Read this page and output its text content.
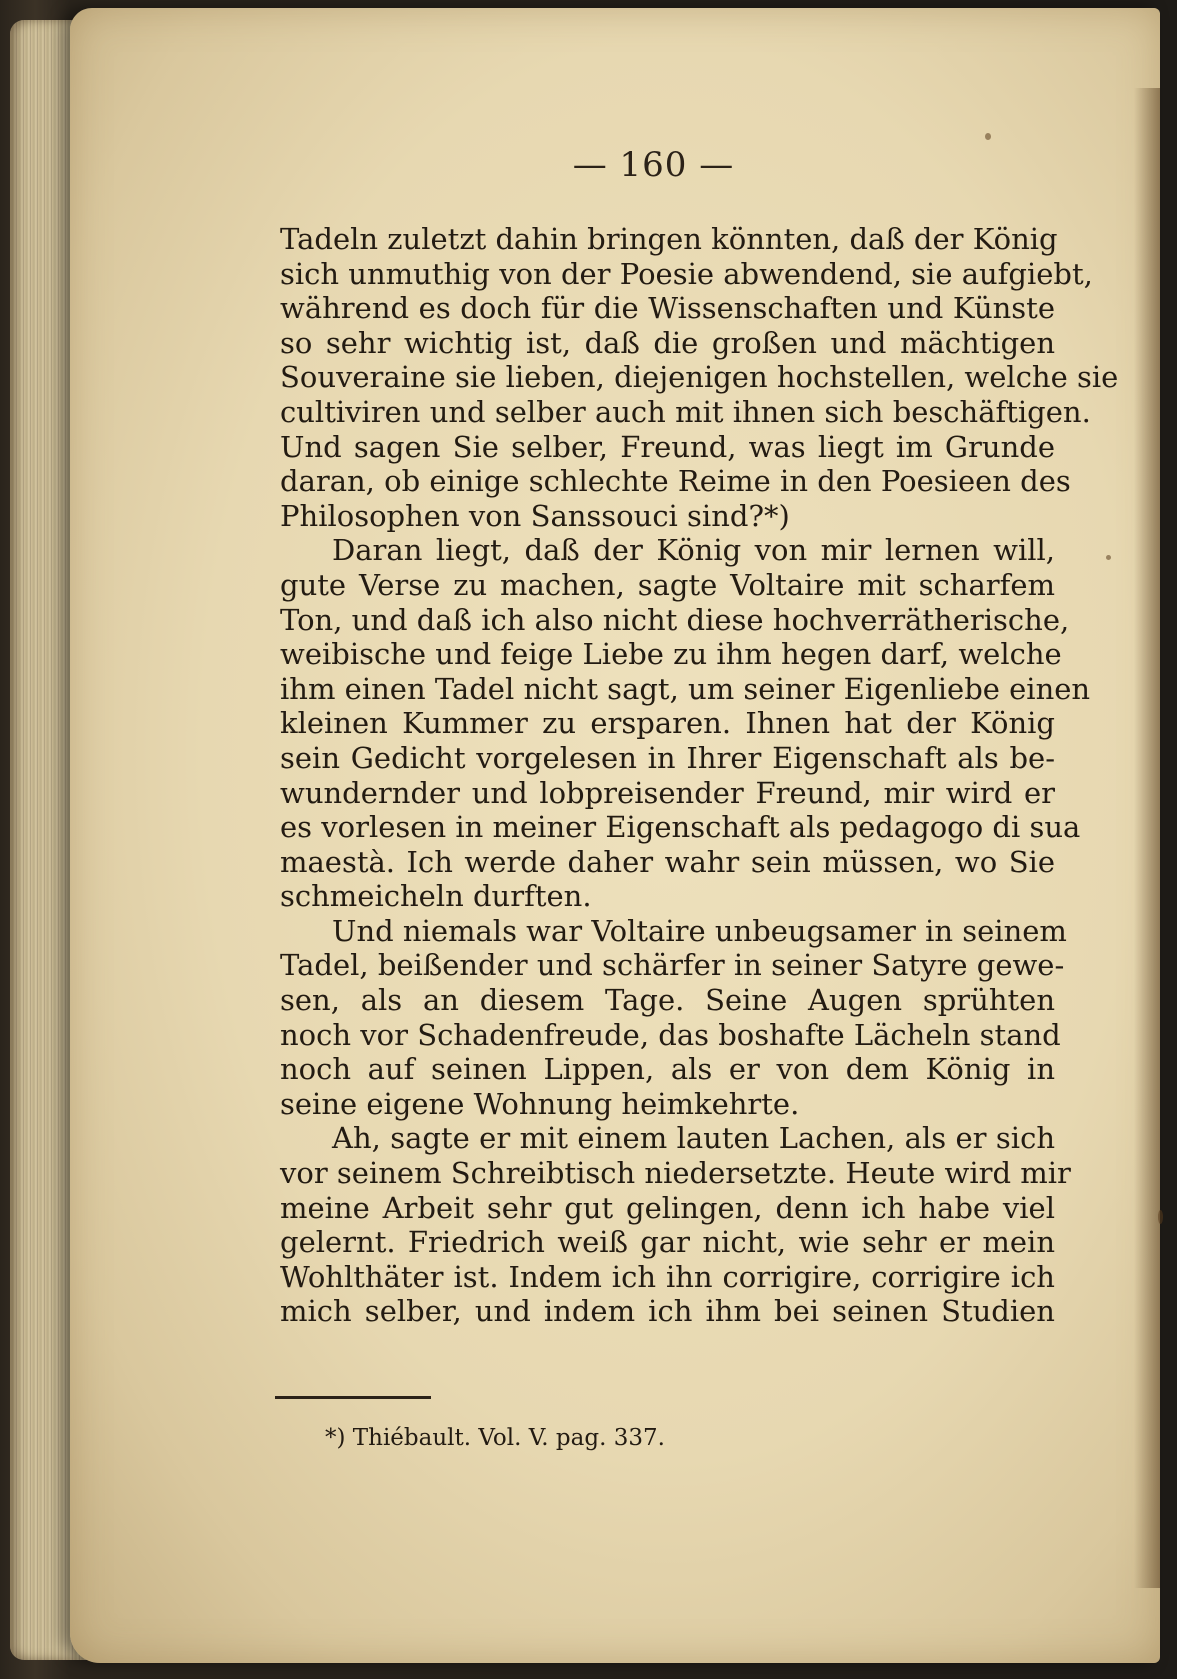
— 160 —
Tadeln zuletzt dahin bringen könnten, daß der König
sich unmuthig von der Poesie abwendend, sie aufgiebt,
während es doch für die Wissenschaften und Künste
so sehr wichtig ist, daß die großen und mächtigen
Souveraine sie lieben, diejenigen hochstellen, welche sie
cultiviren und selber auch mit ihnen sich beschäftigen.
Und sagen Sie selber, Freund, was liegt im Grunde
daran, ob einige schlechte Reime in den Poesieen des
Philosophen von Sanssouci sind?*)
Daran liegt, daß der König von mir lernen will,
gute Verse zu machen, sagte Voltaire mit scharfem
Ton, und daß ich also nicht diese hochverrätherische,
weibische und feige Liebe zu ihm hegen darf, welche
ihm einen Tadel nicht sagt, um seiner Eigenliebe einen
kleinen Kummer zu ersparen. Ihnen hat der König
sein Gedicht vorgelesen in Ihrer Eigenschaft als be-
wundernder und lobpreisender Freund, mir wird er
es vorlesen in meiner Eigenschaft als pedagogo di sua
maestà. Ich werde daher wahr sein müssen, wo Sie
schmeicheln durften.
Und niemals war Voltaire unbeugsamer in seinem
Tadel, beißender und schärfer in seiner Satyre gewe-
sen, als an diesem Tage. Seine Augen sprühten
noch vor Schadenfreude, das boshafte Lächeln stand
noch auf seinen Lippen, als er von dem König in
seine eigene Wohnung heimkehrte.
Ah, sagte er mit einem lauten Lachen, als er sich
vor seinem Schreibtisch niedersetzte. Heute wird mir
meine Arbeit sehr gut gelingen, denn ich habe viel
gelernt. Friedrich weiß gar nicht, wie sehr er mein
Wohlthäter ist. Indem ich ihn corrigire, corrigire ich
mich selber, und indem ich ihm bei seinen Studien
*) Thiébault. Vol. V. pag. 337.
